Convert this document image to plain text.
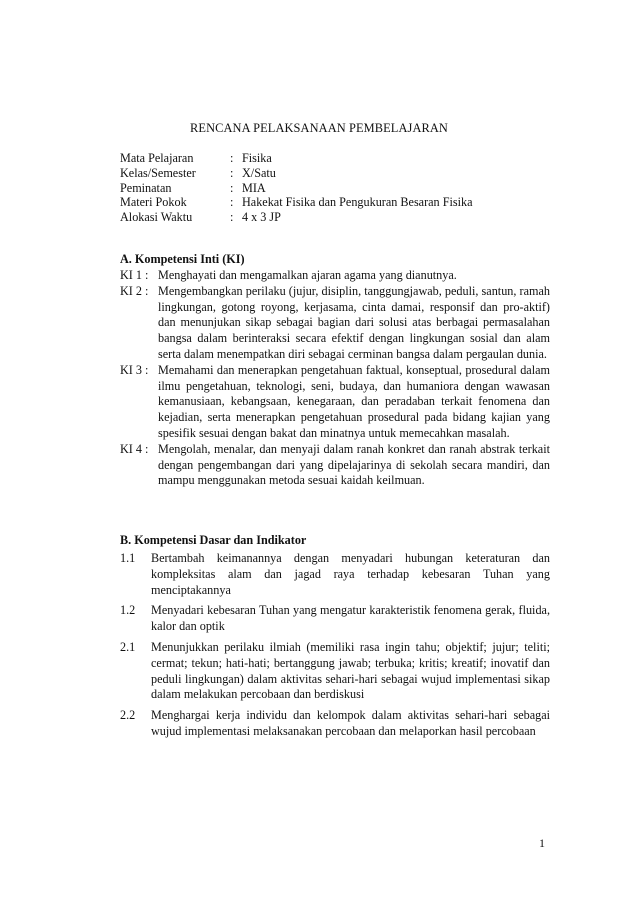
RENCANA PELAKSANAAN PEMBELAJARAN
Mata Pelajaran	: Fisika
Kelas/Semester	: X/Satu
Peminatan	: MIA
Materi Pokok	: Hakekat Fisika dan Pengukuran Besaran Fisika
Alokasi Waktu	: 4 x 3 JP
A. Kompetensi Inti (KI)
KI 1 : Menghayati dan mengamalkan ajaran agama yang dianutnya.
KI 2 : Mengembangkan perilaku (jujur, disiplin, tanggungjawab, peduli, santun, ramah lingkungan, gotong royong, kerjasama, cinta damai, responsif dan pro-aktif) dan menunjukan sikap sebagai bagian dari solusi atas berbagai permasalahan bangsa dalam berinteraksi secara efektif dengan lingkungan sosial dan alam serta dalam menempatkan diri sebagai cerminan bangsa dalam pergaulan dunia.
KI 3 : Memahami dan menerapkan pengetahuan faktual, konseptual, prosedural dalam ilmu pengetahuan, teknologi, seni, budaya, dan humaniora dengan wawasan kemanusiaan, kebangsaan, kenegaraan, dan peradaban terkait fenomena dan kejadian, serta menerapkan pengetahuan prosedural pada bidang kajian yang spesifik sesuai dengan bakat dan minatnya untuk memecahkan masalah.
KI 4 : Mengolah, menalar, dan menyaji dalam ranah konkret dan ranah abstrak terkait dengan pengembangan dari yang dipelajarinya di sekolah secara mandiri, dan mampu menggunakan metoda sesuai kaidah keilmuan.
B. Kompetensi Dasar dan Indikator
1.1 Bertambah keimanannya dengan menyadari hubungan keteraturan dan kompleksitas alam dan jagad raya terhadap kebesaran Tuhan yang menciptakannya
1.2 Menyadari kebesaran Tuhan yang mengatur karakteristik fenomena gerak, fluida, kalor dan optik
2.1 Menunjukkan perilaku ilmiah (memiliki rasa ingin tahu; objektif; jujur; teliti; cermat; tekun; hati-hati; bertanggung jawab; terbuka; kritis; kreatif; inovatif dan peduli lingkungan) dalam aktivitas sehari-hari sebagai wujud implementasi sikap dalam melakukan percobaan dan berdiskusi
2.2 Menghargai kerja individu dan kelompok dalam aktivitas sehari-hari sebagai wujud implementasi melaksanakan percobaan dan melaporkan hasil percobaan
1
